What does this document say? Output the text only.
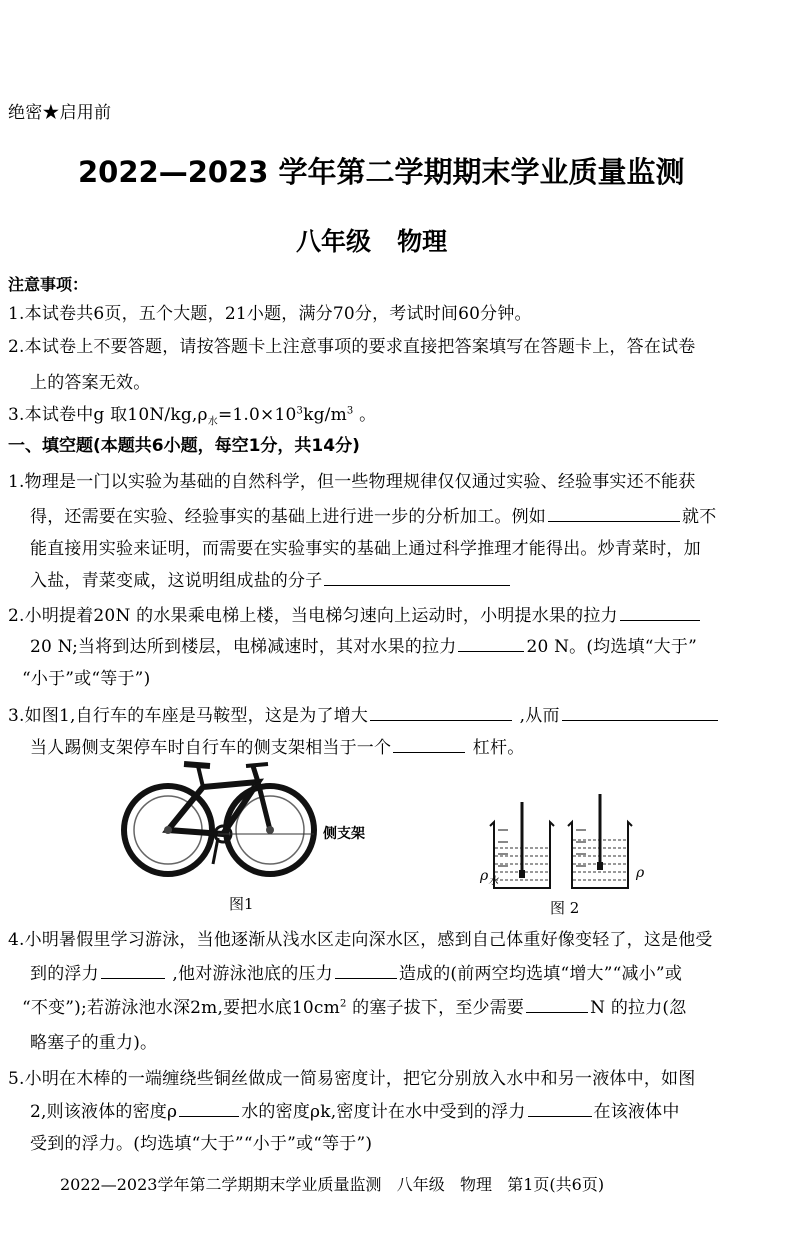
绝密★启用前
2022—2023 学年第二学期期末学业质量监测
八年级   物理
注意事项：
1.本试卷共6页，五个大题，21小题，满分70分，考试时间60分钟。
2.本试卷上不要答题，请按答题卡上注意事项的要求直接把答案填写在答题卡上，答在试卷
上的答案无效。
3.本试卷中g 取$10N/kg,\rho_水=1.0\times 10^3kg/m^3$ 。
一、填空题(本题共6小题，每空1分，共14分)
1.物理是一门以实验为基础的自然科学，但一些物理规律仅仅通过实验、经验事实还不能获
得，还需要在实验、经验事实的基础上进行进一步的分析加工。例如	就不
能直接用实验来证明，而需要在实验事实的基础上通过科学推理才能得出。炒青菜时，加
入盐，青菜变咸，这说明组成盐的分子
2.小明提着20N 的水果乘电梯上楼，当电梯匀速向上运动时，小明提水果的拉力
20 N;当将到达所到楼层，电梯减速时，其对水果的拉力	20 N。(均选填“大于”
“小于”或“等于”)
3.如图1,自行车的车座是马鞍型，这是为了增大	,从而
当人踢侧支架停车时自行车的侧支架相当于一个	杠杆。
侧支架
图1
$\rho_水$
ρ
图 2
4.小明暑假里学习游泳，当他逐渐从浅水区走向深水区，感到自己体重好像变轻了，这是他受
到的浮力	,他对游泳池底的压力	造成的(前两空均选填“增大”“减小”或
“不变”);若游泳池水深2m,要把水底$10cm^2$ 的塞子拔下，至少需要	N 的拉力(忽
略塞子的重力)。
5.小明在木棒的一端缠绕些铜丝做成一简易密度计，把它分别放入水中和另一液体中，如图
2,则该液体的密度ρ	水的密度ρk,密度计在水中受到的浮力	在该液体中
受到的浮力。(均选填“大于”“小于”或“等于”)
2022—2023学年第二学期期末学业质量监测   八年级   物理   第1页(共6页)
